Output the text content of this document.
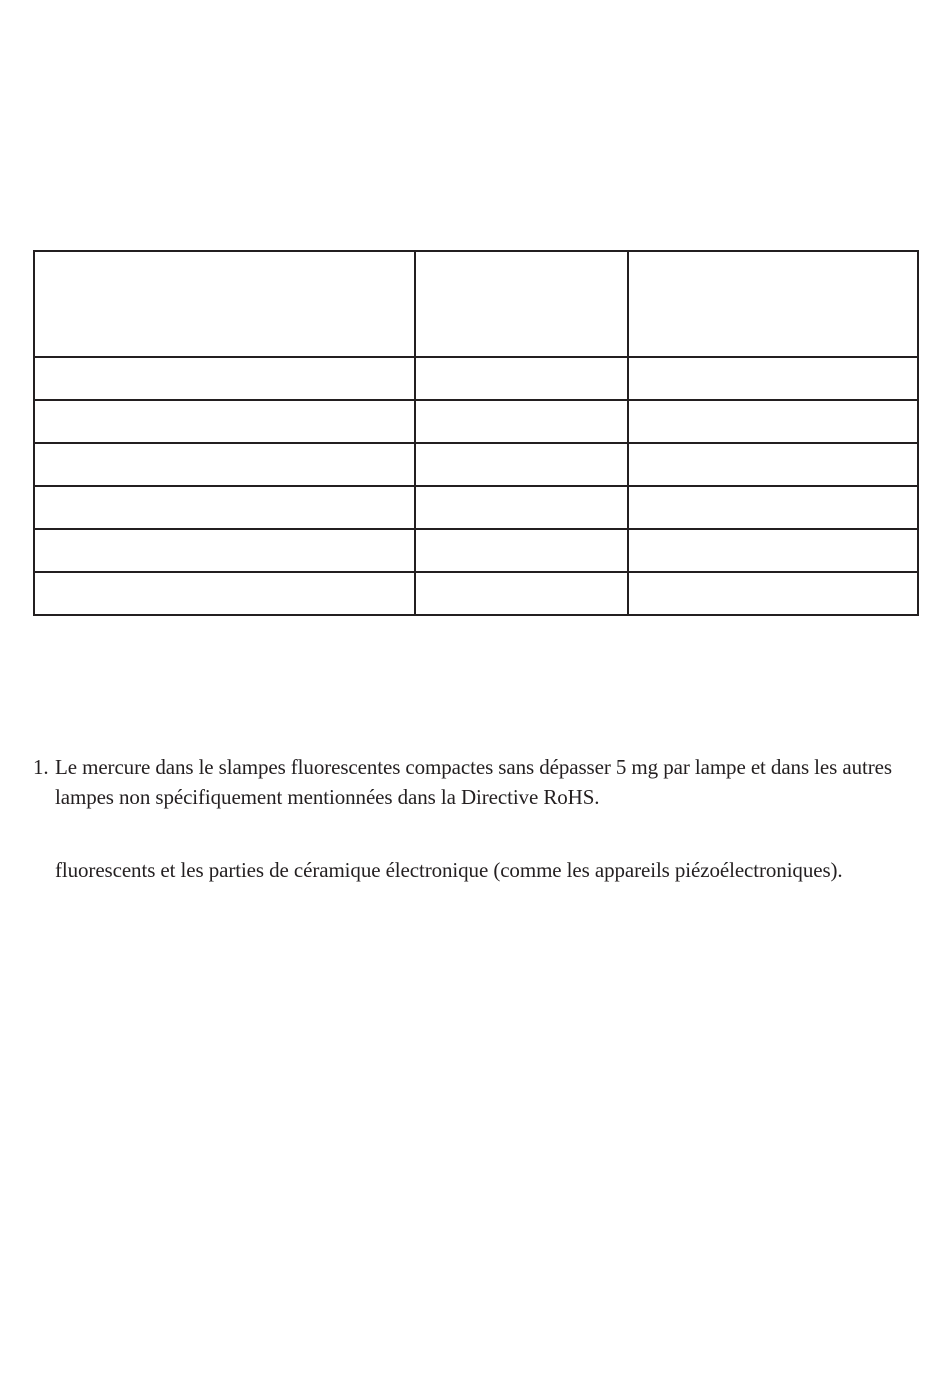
1. Le mercure dans le slampes fluorescentes compactes sans dépasser 5 mg par lampe et dans les autres lampes non spécifiquement mentionnées dans la Directive RoHS.

fluorescents et les parties de céramique électronique (comme les appareils piézoélectroniques).
